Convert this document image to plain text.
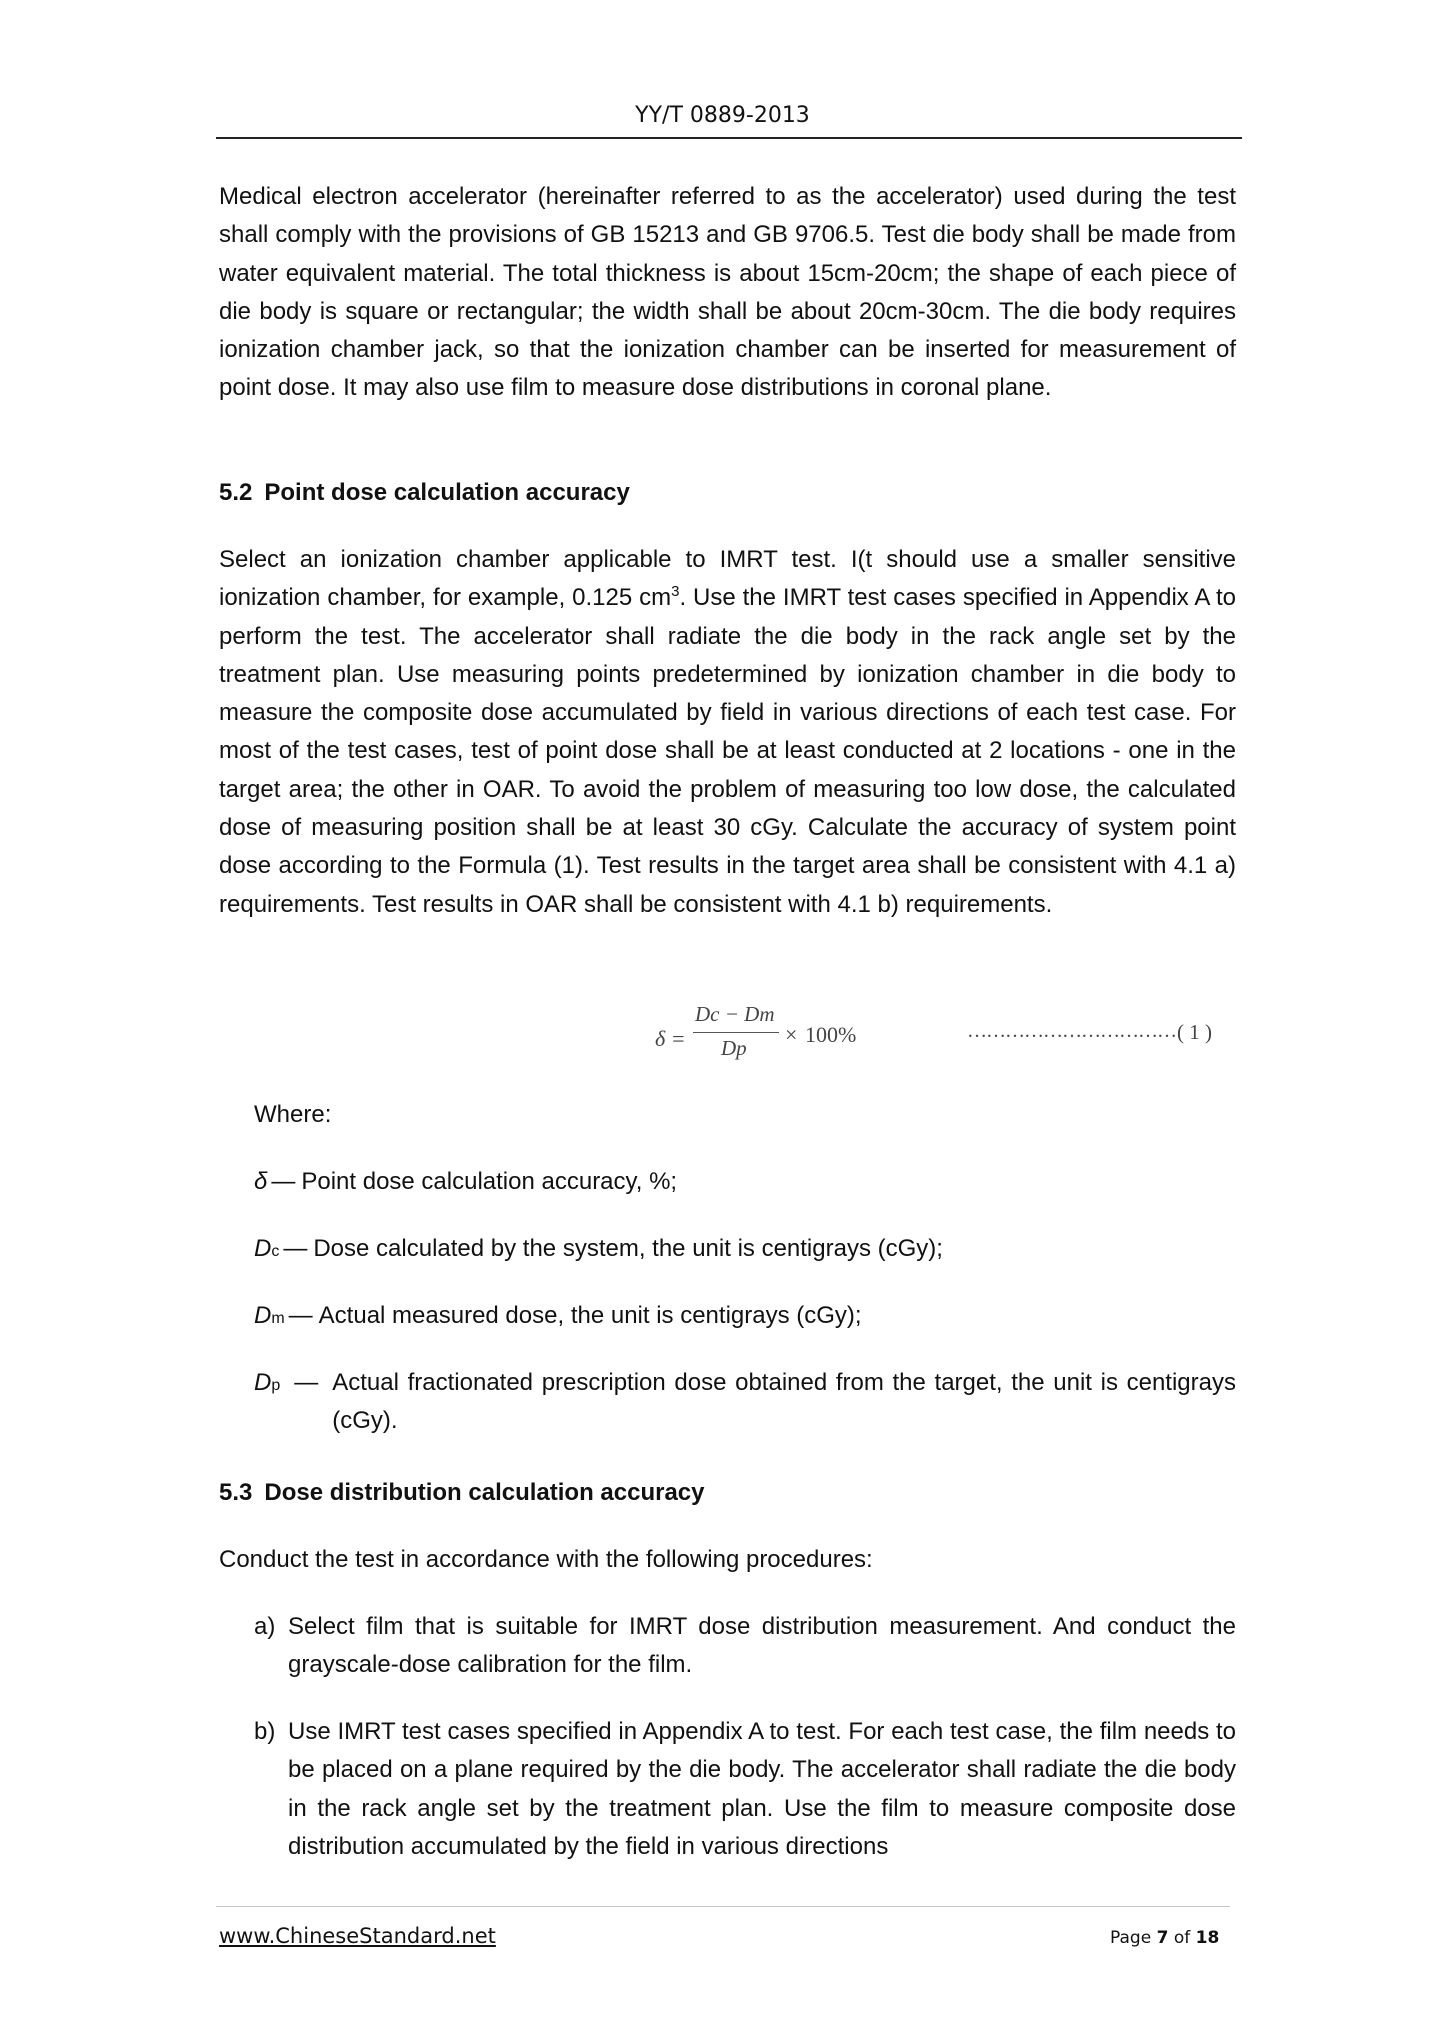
YY/T 0889-2013

Medical electron accelerator (hereinafter referred to as the accelerator) used during the test shall comply with the provisions of GB 15213 and GB 9706.5. Test die body shall be made from water equivalent material. The total thickness is about 15cm-20cm; the shape of each piece of die body is square or rectangular; the width shall be about 20cm-30cm. The die body requires ionization chamber jack, so that the ionization chamber can be inserted for measurement of point dose. It may also use film to measure dose distributions in coronal plane.

5.2 Point dose calculation accuracy

Select an ionization chamber applicable to IMRT test. I(t should use a smaller sensitive ionization chamber, for example, 0.125 $cm^3$. Use the IMRT test cases specified in Appendix A to perform the test. The accelerator shall radiate the die body in the rack angle set by the treatment plan. Use measuring points predetermined by ionization chamber in die body to measure the composite dose accumulated by field in various directions of each test case. For most of the test cases, test of point dose shall be at least conducted at 2 locations - one in the target area; the other in OAR. To avoid the problem of measuring too low dose, the calculated dose of measuring position shall be at least 30 cGy. Calculate the accuracy of system point dose according to the Formula (1). Test results in the target area shall be consistent with 4.1 a) requirements. Test results in OAR shall be consistent with 4.1 b) requirements.

δ =
Dc − Dm
Dp
× 100%	…………………………… ( 1 )

Where:

δ — Point dose calculation accuracy, %;

Dc — Dose calculated by the system, the unit is centigrays (cGy);

Dm — Actual measured dose, the unit is centigrays (cGy);

Dp — Actual fractionated prescription dose obtained from the target, the unit is centigrays (cGy).

5.3 Dose distribution calculation accuracy

Conduct the test in accordance with the following procedures:

a) Select film that is suitable for IMRT dose distribution measurement. And conduct the grayscale-dose calibration for the film.
b) Use IMRT test cases specified in Appendix A to test. For each test case, the film needs to be placed on a plane required by the die body. The accelerator shall radiate the die body in the rack angle set by the treatment plan. Use the film to measure composite dose distribution accumulated by the field in various directions
www.ChineseStandard.net	Page 7 of 18
